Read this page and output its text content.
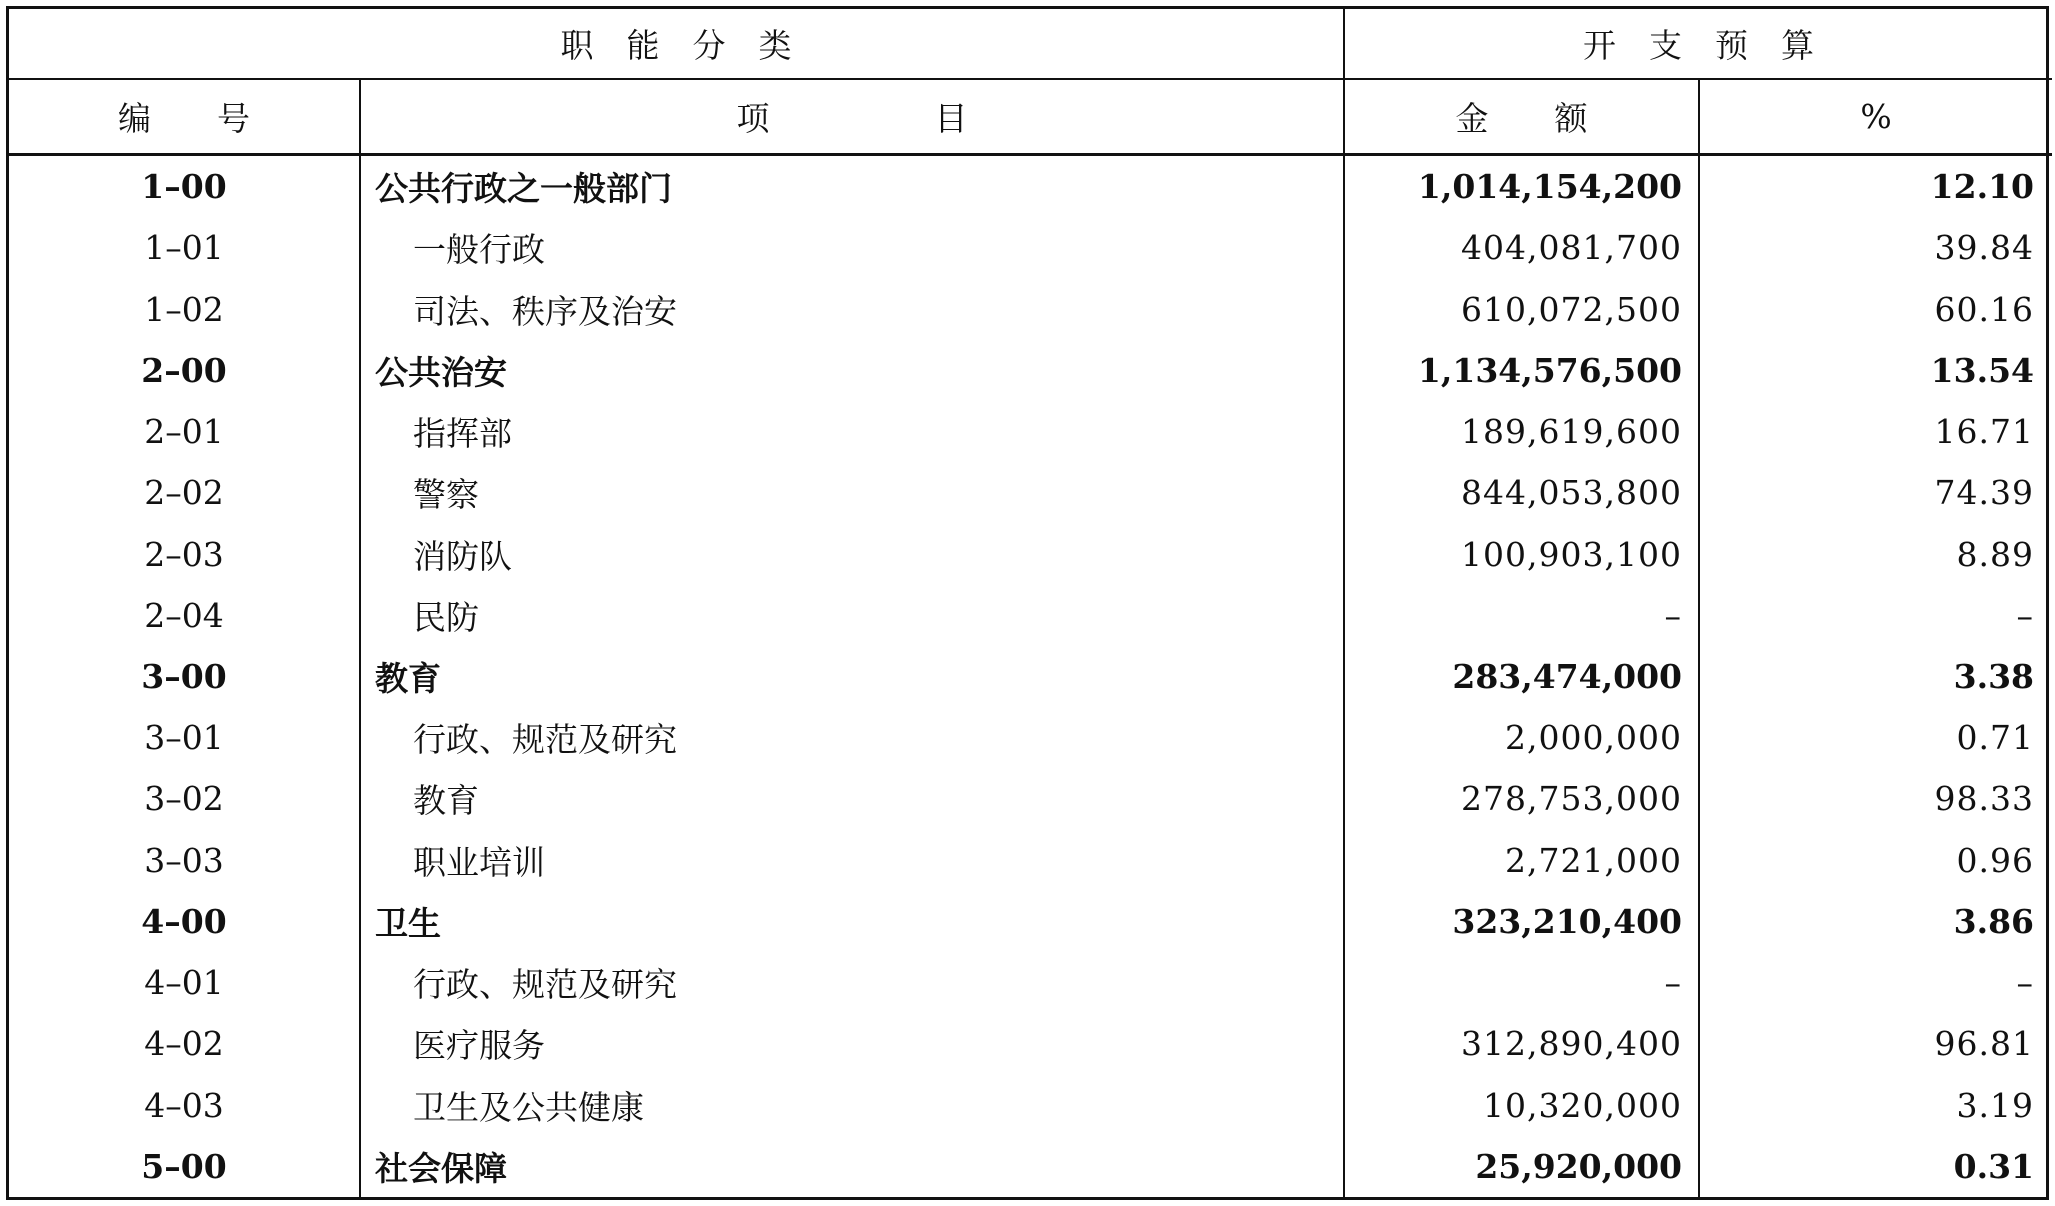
职　能　分　类		开　支　预　算	
编　　号	项　　　　　目	金　　额	%
1–00	公共行政之一般部门	1,014,154,200	12.10
1–01	一般行政	404,081,700	39.84
1–02	司法、秩序及治安	610,072,500	60.16
2–00	公共治安	1,134,576,500	13.54
2–01	指挥部	189,619,600	16.71
2–02	警察	844,053,800	74.39
2–03	消防队	100,903,100	8.89
2–04	民防	–	–
3–00	教育	283,474,000	3.38
3–01	行政、规范及研究	2,000,000	0.71
3–02	教育	278,753,000	98.33
3–03	职业培训	2,721,000	0.96
4–00	卫生	323,210,400	3.86
4–01	行政、规范及研究	–	–
4–02	医疗服务	312,890,400	96.81
4–03	卫生及公共健康	10,320,000	3.19
5–00	社会保障	25,920,000	0.31
